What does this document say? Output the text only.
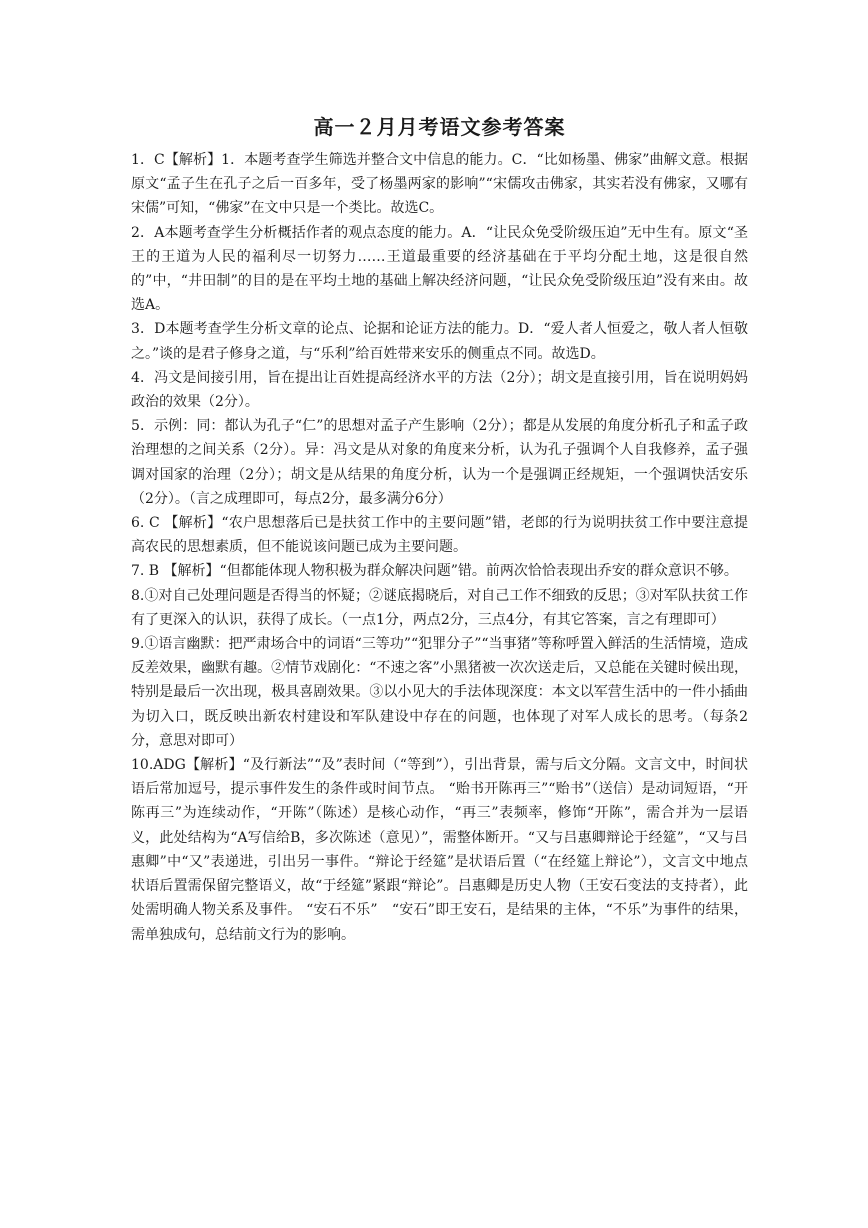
高一２月月考语文参考答案

1．C【解析】1．本题考查学生筛选并整合文中信息的能力。C．“比如杨墨、佛家”曲解文意。根据原文“孟子生在孔子之后一百多年，受了杨墨两家的影响”“宋儒攻击佛家，其实若没有佛家，又哪有宋儒”可知，“佛家”在文中只是一个类比。故选C。

2．A本题考查学生分析概括作者的观点态度的能力。A．“让民众免受阶级压迫”无中生有。原文“圣王的王道为人民的福利尽一切努力……王道最重要的经济基础在于平均分配土地，这是很自然的”中，“井田制”的目的是在平均土地的基础上解决经济问题，“让民众免受阶级压迫”没有来由。故选A。

3．D本题考查学生分析文章的论点、论据和论证方法的能力。D．“爱人者人恒爱之，敬人者人恒敬之。”谈的是君子修身之道，与“乐利”给百姓带来安乐的侧重点不同。故选D。

4．冯文是间接引用，旨在提出让百姓提高经济水平的方法（2分）；胡文是直接引用，旨在说明妈妈政治的效果（2分）。

5．示例：同：都认为孔子“仁”的思想对孟子产生影响（2分）；都是从发展的角度分析孔子和孟子政治理想的之间关系（2分）。异：冯文是从对象的角度来分析，认为孔子强调个人自我修养，孟子强调对国家的治理（2分）；胡文是从结果的角度分析，认为一个是强调正经规矩，一个强调快活安乐（2分）。（言之成理即可，每点2分，最多满分6分）

6. C 【解析】“农户思想落后已是扶贫工作中的主要问题”错，老郎的行为说明扶贫工作中要注意提高农民的思想素质，但不能说该问题已成为主要问题。

7. B 【解析】“但都能体现人物积极为群众解决问题”错。前两次恰恰表现出乔安的群众意识不够。

8.①对自己处理问题是否得当的怀疑；②谜底揭晓后，对自己工作不细致的反思；③对军队扶贫工作有了更深入的认识，获得了成长。（一点1分，两点2分，三点4分，有其它答案，言之有理即可）

9.①语言幽默：把严肃场合中的词语“三等功”“犯罪分子”“当事猪”等称呼置入鲜活的生活情境，造成反差效果，幽默有趣。②情节戏剧化：“不速之客”小黑猪被一次次送走后，又总能在关键时候出现，特别是最后一次出现，极具喜剧效果。③以小见大的手法体现深度：本文以军营生活中的一件小插曲为切入口，既反映出新农村建设和军队建设中存在的问题，也体现了对军人成长的思考。（每条2分，意思对即可）

10.ADG【解析】“及行新法”“及”表时间（“等到”），引出背景，需与后文分隔。文言文中，时间状语后常加逗号，提示事件发生的条件或时间节点。 “贻书开陈再三”“贻书”（送信）是动词短语，“开陈再三”为连续动作，“开陈”（陈述）是核心动作，“再三”表频率，修饰“开陈”，需合并为一层语义，此处结构为“A写信给B，多次陈述（意见）”，需整体断开。“又与吕惠卿辩论于经筵”，“又与吕惠卿”中“又”表递进，引出另一事件。“辩论于经筵”是状语后置（“在经筵上辩论”），文言文中地点状语后置需保留完整语义，故“于经筵”紧跟“辩论”。吕惠卿是历史人物（王安石变法的支持者），此处需明确人物关系及事件。 “安石不乐”　“安石”即王安石，是结果的主体，“不乐”为事件的结果，需单独成句，总结前文行为的影响。
